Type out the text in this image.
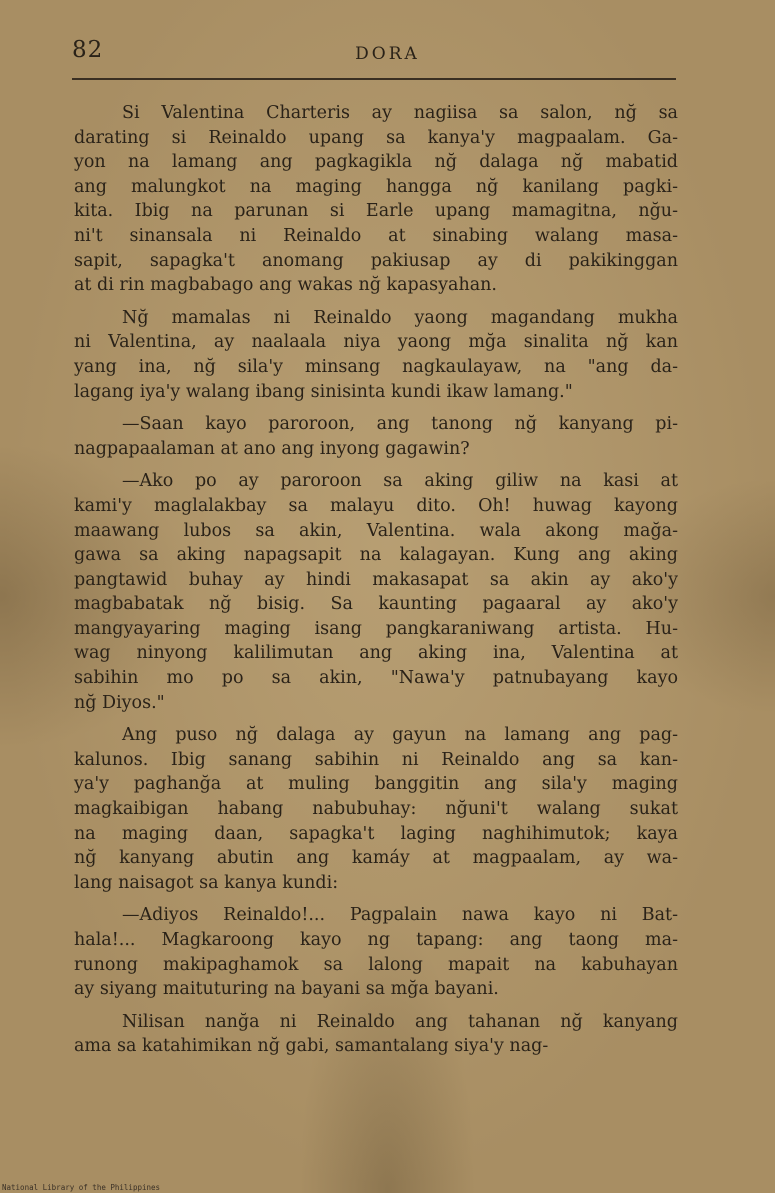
82	DORA
Si Valentina Charteris ay nagiisa sa salon, nğ sa
darating si Reinaldo upang sa kanya'y magpaalam. Ga-
yon na lamang ang pagkagikla nğ dalaga nğ mabatid
ang malungkot na maging hangga nğ kanilang pagki-
kita. Ibig na parunan si Earle upang mamagitna, nğu-
ni't sinansala ni Reinaldo at sinabing walang masa-
sapit, sapagka't anomang pakiusap ay di pakikinggan
at di rin magbabago ang wakas nğ kapasyahan.
Nğ mamalas ni Reinaldo yaong magandang mukha
ni Valentina, ay naalaala niya yaong mğa sinalita nğ kan
yang ina, nğ sila'y minsang nagkaulayaw, na "ang da-
lagang iya'y walang ibang sinisinta kundi ikaw lamang."
—Saan kayo paroroon, ang tanong nğ kanyang pi-
nagpapaalaman at ano ang inyong gagawin?
—Ako po ay paroroon sa aking giliw na kasi at
kami'y maglalakbay sa malayu dito. Oh! huwag kayong
maawang lubos sa akin, Valentina. wala akong mağa-
gawa sa aking napagsapit na kalagayan. Kung ang aking
pangtawid buhay ay hindi makasapat sa akin ay ako'y
magbabatak nğ bisig. Sa kaunting pagaaral ay ako'y
mangyayaring maging isang pangkaraniwang artista. Hu-
wag ninyong kalilimutan ang aking ina, Valentina at
sabihin mo po sa akin, "Nawa'y patnubayang kayo
nğ Diyos."
Ang puso nğ dalaga ay gayun na lamang ang pag-
kalunos. Ibig sanang sabihin ni Reinaldo ang sa kan-
ya'y paghanğa at muling banggitin ang sila'y maging
magkaibigan habang nabubuhay: nğuni't walang sukat
na maging daan, sapagka't laging naghihimutok; kaya
nğ kanyang abutin ang kamáy at magpaalam, ay wa-
lang naisagot sa kanya kundi:
—Adiyos Reinaldo!... Pagpalain nawa kayo ni Bat-
hala!... Magkaroong kayo ng tapang: ang taong ma-
runong makipaghamok sa lalong mapait na kabuhayan
ay siyang maituturing na bayani sa mğa bayani.
Nilisan nanğa ni Reinaldo ang tahanan nğ kanyang
ama sa katahimikan nğ gabi, samantalang siya'y nag-
National Library of the Philippines
